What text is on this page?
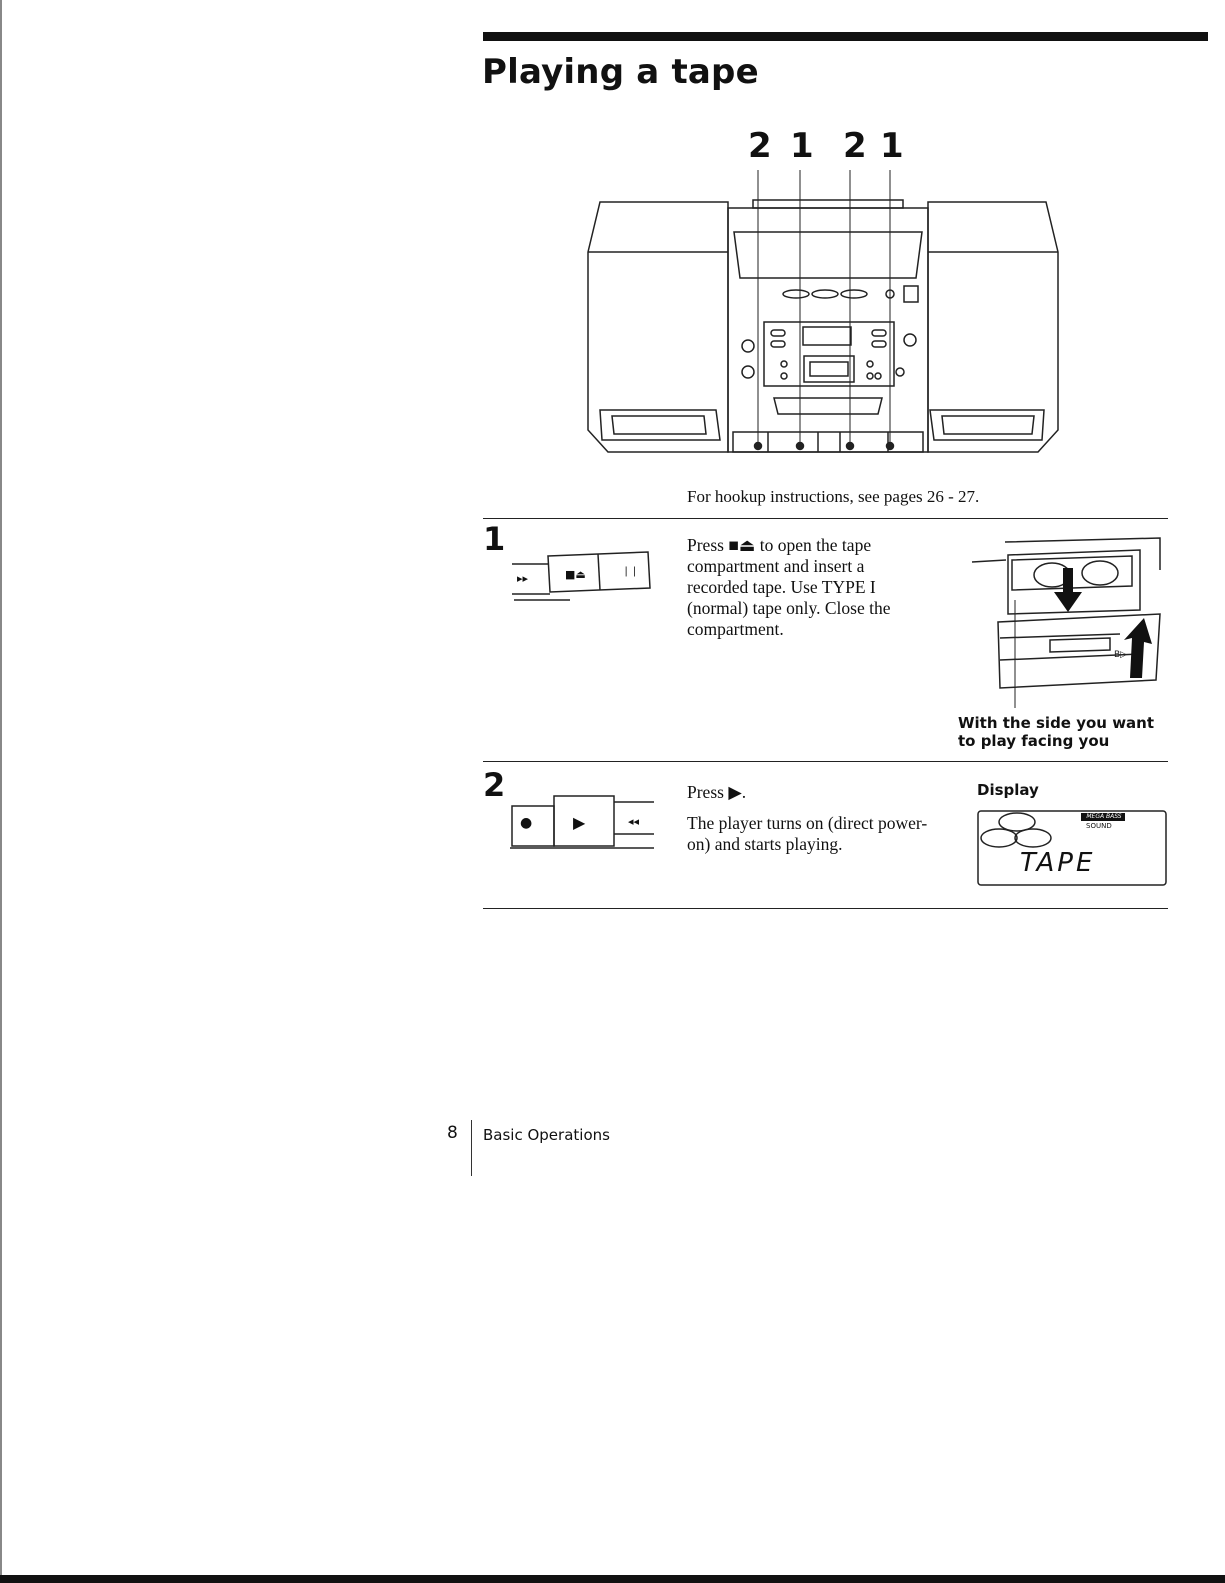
Playing a tape
2 1 2 1
For hookup instructions, see pages 26 - 27.
1
▸▸	■⏏	❘❘

Press ■⏏ to open the tape compartment and insert a recorded tape. Use TYPE I (normal) tape only. Close the compartment.

B▷
With the side you want to play facing you
2
●	▶	◂◂

Press ▶.

The player turns on (direct power-on) and starts playing.

Display
MEGA BASS
SOUND
TAPE
8 Basic Operations
